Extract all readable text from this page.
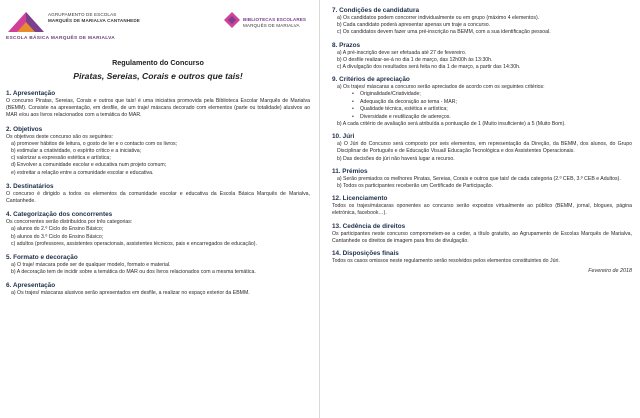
AGRUPAMENTO DE ESCOLAS
MARQUÊS DE MARIALVA CANTANHEDE
ESCOLA BÁSICA MARQUÊS DE MARIALVA
BIBLIOTECAS ESCOLARES
MARQUÊS DE MARIALVA
Regulamento do Concurso
Piratas, Sereias, Corais e outros que tais!
1. Apresentação
O concurso Piratas, Sereias, Corais e outros que tais! é uma iniciativa promovida pela Biblioteca Escolar Marquês de Marialva (BEMM). Consiste na apresentação, em desfile, de um traje/ máscara decorado com elementos (parte ou totalidade) alusivos ao MAR e/ou aos livros relacionados com a temática do MAR.
2. Objetivos
Os objetivos deste concurso são os seguintes:
a) promover hábitos de leitura, o gosto de ler e o contacto com os livros;
b) estimular a criatividade, o espírito crítico e a iniciativa;
c) valorizar a expressão estética e artística;
d) Envolver a comunidade escolar e educativa num projeto comum;
e) estreitar a relação entre a comunidade escolar e educativa.
3. Destinatários
O concurso é dirigido a todos os elementos da comunidade escolar e educativa da Escola Básica Marquês de Marialva, Cantanhede.
4. Categorização dos concorrentes
Os concorrentes serão distribuídos por três categorias:
a) alunos do 2.º Ciclo do Ensino Básico;
b) alunos do 3.º Ciclo do Ensino Básico;
c) adultos (professores, assistentes operacionais, assistentes técnicos, pais e encarregados de educação).
5. Formato e decoração
a) O traje/ máscara pode ser de qualquer modelo, formato e material.
b) A decoração tem de incidir sobre a temática do MAR ou dos livros relacionados com a mesma temática.
6. Apresentação
a) Os trajes/ máscaras alusivos serão apresentados em desfile, a realizar no espaço exterior da EBMM.
7. Condições de candidatura
a) Os candidatos podem concorrer individualmente ou em grupo (máximo 4 elementos).
b) Cada candidato poderá apresentar apenas um traje a concurso.
c) Os candidatos devem fazer uma pré-inscrição na BEMM, com a sua identificação pessoal.
8. Prazos
a) A pré-inscrição deve ser efetuada até 27 de fevereiro.
b) O desfile realizar-se-á no dia 1 de março, das 12h00h às 13:30h.
c) A divulgação dos resultados será feita no dia 1 de março, a partir das 14:30h.
9. Critérios de apreciação
a) Os trajes/ máscaras a concurso serão apreciados de acordo com os seguintes critérios:
• Originalidade/Criatividade;
• Adequação da decoração ao tema - MAR;
• Qualidade técnica, estética e artística;
• Diversidade e reutilização de adereços.
b) A cada critério de avaliação será atribuída a pontuação de 1 (Muito insuficiente) a 5 (Muito Bom).
10. Júri
a) O Júri do Concurso será composto por seis elementos, em representação da Direção, da BEMM, dos alunos, do Grupo Disciplinar de Português e de Educação Visual/ Educação Tecnológica e dos Assistentes Operacionais.
b) Das decisões do júri não haverá lugar a recurso.
11. Prémios
a) Serão premiados os melhores Piratas, Sereias, Corais e outros que tais! de cada categoria (2.º CEB, 3.º CEB e Adultos).
b) Todos os participantes receberão um Certificado de Participação.
12. Licenciamento
Todos os trajes/máscaras oponentes ao concurso serão expostos virtualmente ao público (BEMM, jornal, blogues, página eletrónica, facebook…).
13. Cedência de direitos
Os participantes neste concurso comprometem-se a ceder, a título gratuito, ao Agrupamento de Escolas Marquês de Marialva, Cantanhede os direitos de imagem para fins de divulgação.
14. Disposições finais
Todos os casos omissos neste regulamento serão resolvidos pelos elementos constituintes do Júri.
Fevereiro de 2018
